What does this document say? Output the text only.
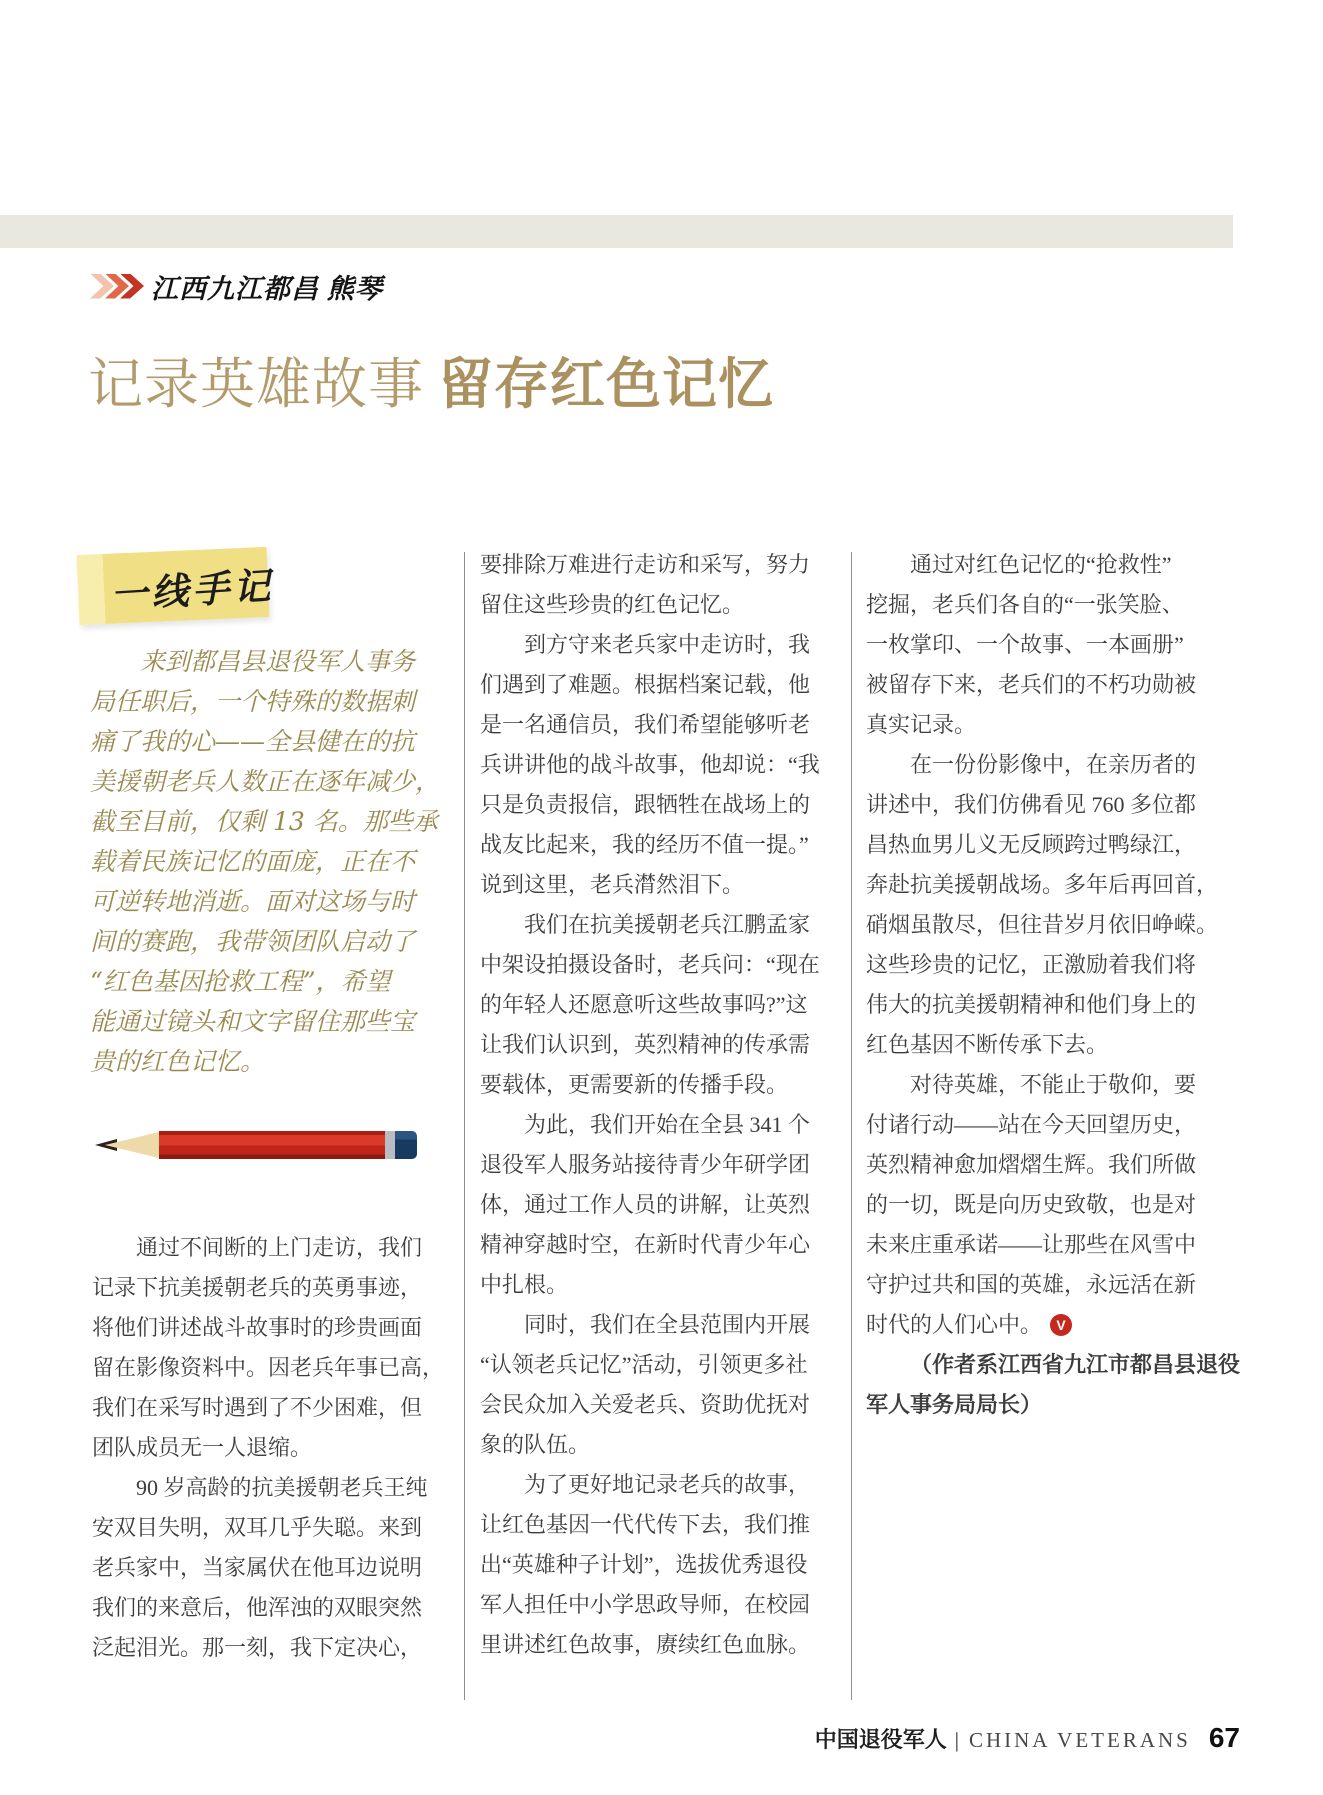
江西九江都昌 熊琴
记录英雄故事 留存红色记忆
一线手记
来到都昌县退役军人事务
局任职后，一个特殊的数据刺
痛了我的心——全县健在的抗
美援朝老兵人数正在逐年减少，
截至目前，仅剩 13 名。那些承
载着民族记忆的面庞，正在不
可逆转地消逝。面对这场与时
间的赛跑，我带领团队启动了
“红色基因抢救工程”，希望
能通过镜头和文字留住那些宝
贵的红色记忆。
通过不间断的上门走访，我们
记录下抗美援朝老兵的英勇事迹，
将他们讲述战斗故事时的珍贵画面
留在影像资料中。因老兵年事已高，
我们在采写时遇到了不少困难，但
团队成员无一人退缩。
90 岁高龄的抗美援朝老兵王纯
安双目失明，双耳几乎失聪。来到
老兵家中，当家属伏在他耳边说明
我们的来意后，他浑浊的双眼突然
泛起泪光。那一刻，我下定决心，
要排除万难进行走访和采写，努力
留住这些珍贵的红色记忆。
到方守来老兵家中走访时，我
们遇到了难题。根据档案记载，他
是一名通信员，我们希望能够听老
兵讲讲他的战斗故事，他却说：“我
只是负责报信，跟牺牲在战场上的
战友比起来，我的经历不值一提。”
说到这里，老兵潸然泪下。
我们在抗美援朝老兵江鹏孟家
中架设拍摄设备时，老兵问：“现在
的年轻人还愿意听这些故事吗?”这
让我们认识到，英烈精神的传承需
要载体，更需要新的传播手段。
为此，我们开始在全县 341 个
退役军人服务站接待青少年研学团
体，通过工作人员的讲解，让英烈
精神穿越时空，在新时代青少年心
中扎根。
同时，我们在全县范围内开展
“认领老兵记忆”活动，引领更多社
会民众加入关爱老兵、资助优抚对
象的队伍。
为了更好地记录老兵的故事，
让红色基因一代代传下去，我们推
出“英雄种子计划”，选拔优秀退役
军人担任中小学思政导师，在校园
里讲述红色故事，赓续红色血脉。
通过对红色记忆的“抢救性”
挖掘，老兵们各自的“一张笑脸、
一枚掌印、一个故事、一本画册”
被留存下来，老兵们的不朽功勋被
真实记录。
在一份份影像中，在亲历者的
讲述中，我们仿佛看见 760 多位都
昌热血男儿义无反顾跨过鸭绿江，
奔赴抗美援朝战场。多年后再回首，
硝烟虽散尽，但往昔岁月依旧峥嵘。
这些珍贵的记忆，正激励着我们将
伟大的抗美援朝精神和他们身上的
红色基因不断传承下去。
对待英雄，不能止于敬仰，要
付诸行动——站在今天回望历史，
英烈精神愈加熠熠生辉。我们所做
的一切，既是向历史致敬，也是对
未来庄重承诺——让那些在风雪中
守护过共和国的英雄，永远活在新
时代的人们心中。 V
（作者系江西省九江市都昌县退役
军人事务局局长）
中国退役军人 | CHINA VETERANS 67
